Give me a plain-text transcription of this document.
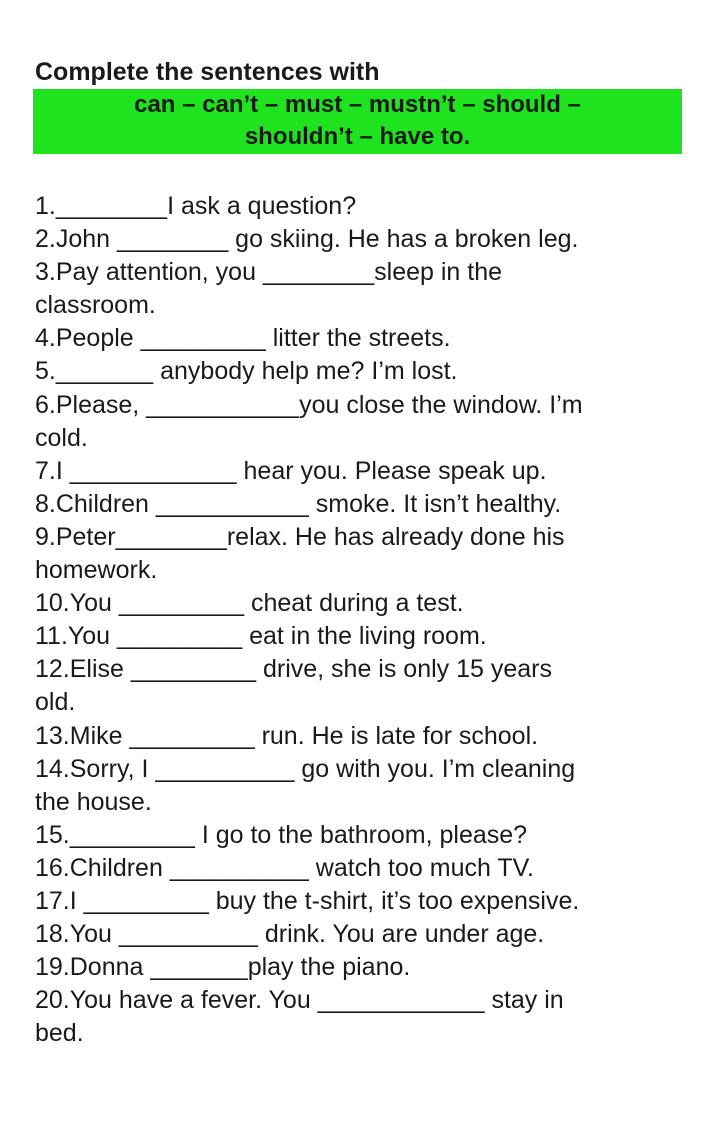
Complete the sentences with
can – can’t – must – mustn’t – should –
shouldn’t – have to.
1.________I ask a question?
2.John ________ go skiing. He has a broken leg.
3.Pay attention, you ________sleep in the
classroom.
4.People _________ litter the streets.
5._______ anybody help me? I’m lost.
6.Please, ___________you close the window. I’m
cold.
7.I ____________ hear you. Please speak up.
8.Children ___________ smoke. It isn’t healthy.
9.Peter________relax. He has already done his
homework.
10.You _________ cheat during a test.
11.You _________ eat in the living room.
12.Elise _________ drive, she is only 15 years
old.
13.Mike _________ run. He is late for school.
14.Sorry, I __________ go with you. I’m cleaning
the house.
15._________ I go to the bathroom, please?
16.Children __________ watch too much TV.
17.I _________ buy the t-shirt, it’s too expensive.
18.You __________ drink. You are under age.
19.Donna _______play the piano.
20.You have a fever. You ____________ stay in
bed.
